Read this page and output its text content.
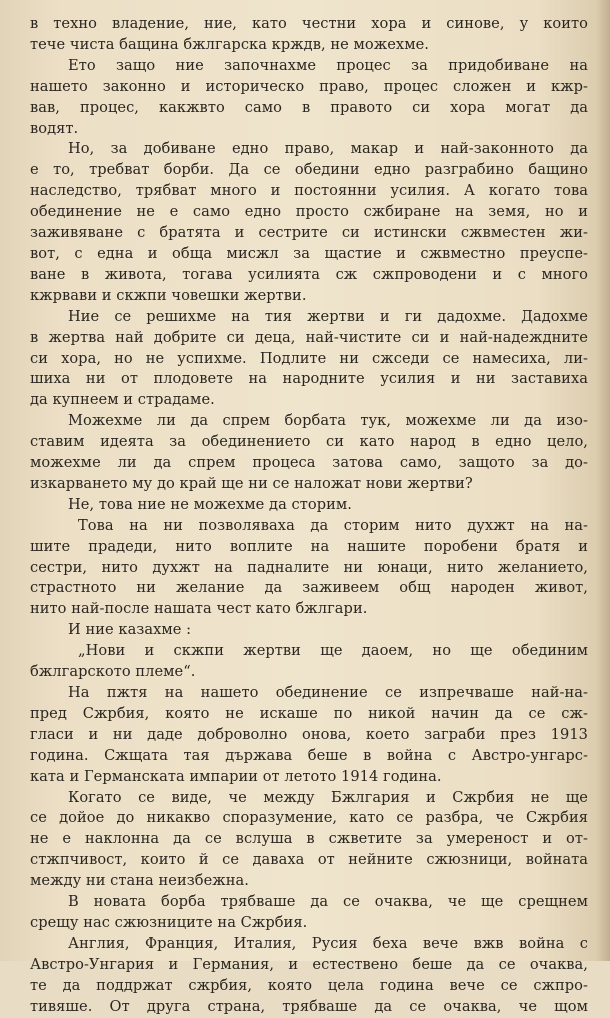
в техно владение, ние, като честни хора и синове, у които
тече чиста бащина бжлгарска крждв, не можехме.

Ето защо ние започнахме процес за придобиване на
нашето законно и историческо право, процес сложен и кжр-
вав, процес, какжвто само в правото си хора могат да
водят.

Но, за добиване едно право, макар и най-законното да
е то, требват борби. Да се обедини едно разграбино бащино
наследство, трябват много и постоянни усилия. А когато това
обединение не е само едно просто сжбиране на земя, но и
заживяване с братята и сестрите си истински сжвместен жи-
вот, с една и обща мисжл за щастие и сжвместно преуспе-
ване в живота, тогава усилията сж сжпроводени и с много
кжрвави и скжпи човешки жертви.

Ние се решихме на тия жертви и ги дадохме. Дадохме
в жертва най добрите си деца, най-чистите си и най-надеждните
си хора, но не успихме. Подлите ни сжседи се намесиха, ли-
шиха ни от плодовете на народните усилия и ни заставиха
да купнеем и страдаме.

Можехме ли да спрем борбата тук, можехме ли да изо-
ставим идеята за обединението си като народ в едно цело,
можехме ли да спрем процеса затова само, защото за до-
изкарването му до край ще ни се наложат нови жертви?

Не, това ние не можехме да сторим.

Това на ни позволяваха да сторим нито духжт на на-
шите прадеди, нито воплите на нашите поробени братя и
сестри, нито духжт на падналите ни юнаци, нито желанието,
страстното ни желание да заживеем общ народен живот,
нито най-после нашата чест като бжлгари.

И ние казахме :

„Нови и скжпи жертви ще даоем, но ще обединим
бжлгарското племе“.

На пжтя на нашето обединение се изпречваше най-на-
пред Сжрбия, която не искаше по никой начин да се сж-
гласи и ни даде доброволно онова, което заграби през 1913
година. Сжщата тая държава беше в война с Австро-унгарс-
ката и Германската импарии от летото 1914 година.

Когато се виде, че между Бжлгария и Сжрбия не ще
се дойое до никакво споразумение, като се разбра, че Сжрбия
не е наклонна да се вслуша в сжветите за умереност и от-
стжпчивост, които й се даваха от нейните сжюзници, войната
между ни стана неизбежна.

В новата борба трябваше да се очаква, че ще срещнем
срещу нас сжюзниците на Сжрбия.

Англия, Франция, Италия, Русия беха вече вжв война с
Австро-Унгария и Германия, и естествено беше да се очаква,
те да поддржат сжрбия, която цела година вече се сжпро-
тивяше. От друга страна, трябваше да се очаква, че щом
